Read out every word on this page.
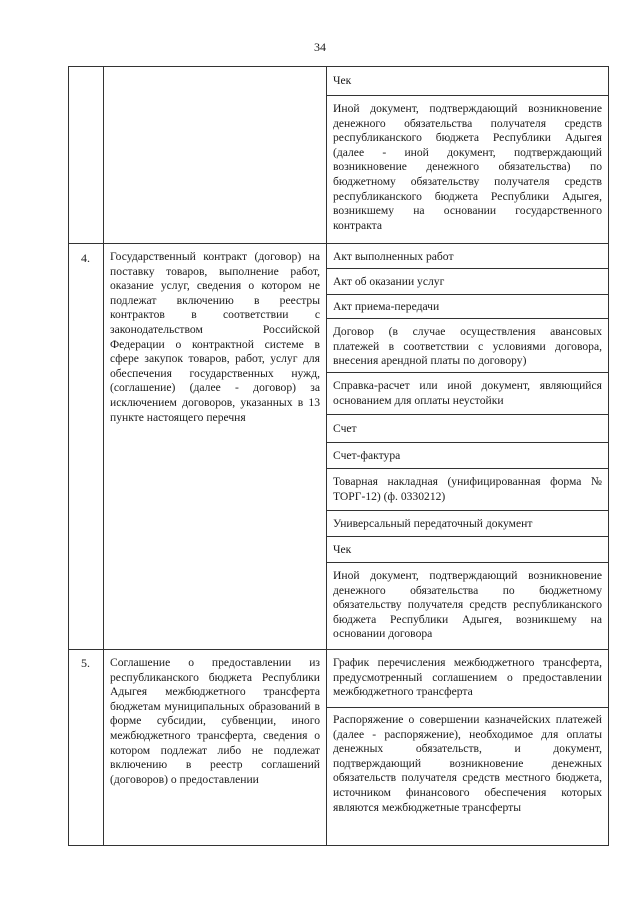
34
Чек
Иной документ, подтверждающий возникновение денежного обязательства получателя средств республиканского бюджета Республики Адыгея (далее - иной документ, подтверждающий возникновение денежного обязательства) по бюджетному обязательству получателя средств республиканского бюджета Республики Адыгея, возникшему на основании государственного контракта
4. Государственный контракт (договор) на поставку товаров, выполнение работ, оказание услуг, сведения о котором не подлежат включению в реестры контрактов в соответствии с законодательством Российской Федерации о контрактной системе в сфере закупок товаров, работ, услуг для обеспечения государственных нужд, (соглашение) (далее - договор) за исключением договоров, указанных в 13 пункте настоящего перечня
Акт выполненных работ
Акт об оказании услуг
Акт приема-передачи
Договор (в случае осуществления авансовых платежей в соответствии с условиями договора, внесения арендной платы по договору)
Справка-расчет или иной документ, являющийся основанием для оплаты неустойки
Счет
Счет-фактура
Товарная накладная (унифицированная форма № ТОРГ-12) (ф. 0330212)
Универсальный передаточный документ
Чек
Иной документ, подтверждающий возникновение денежного обязательства по бюджетному обязательству получателя средств республиканского бюджета Республики Адыгея, возникшему на основании договора
5. Соглашение о предоставлении из республиканского бюджета Республики Адыгея межбюджетного трансферта бюджетам муниципальных образований в форме субсидии, субвенции, иного межбюджетного трансферта, сведения о котором подлежат либо не подлежат включению в реестр соглашений (договоров) о предоставлении
График перечисления межбюджетного трансферта, предусмотренный соглашением о предоставлении межбюджетного трансферта
Распоряжение о совершении казначейских платежей (далее - распоряжение), необходимое для оплаты денежных обязательств, и документ, подтверждающий возникновение денежных обязательств получателя средств местного бюджета, источником финансового обеспечения которых являются межбюджетные трансферты
